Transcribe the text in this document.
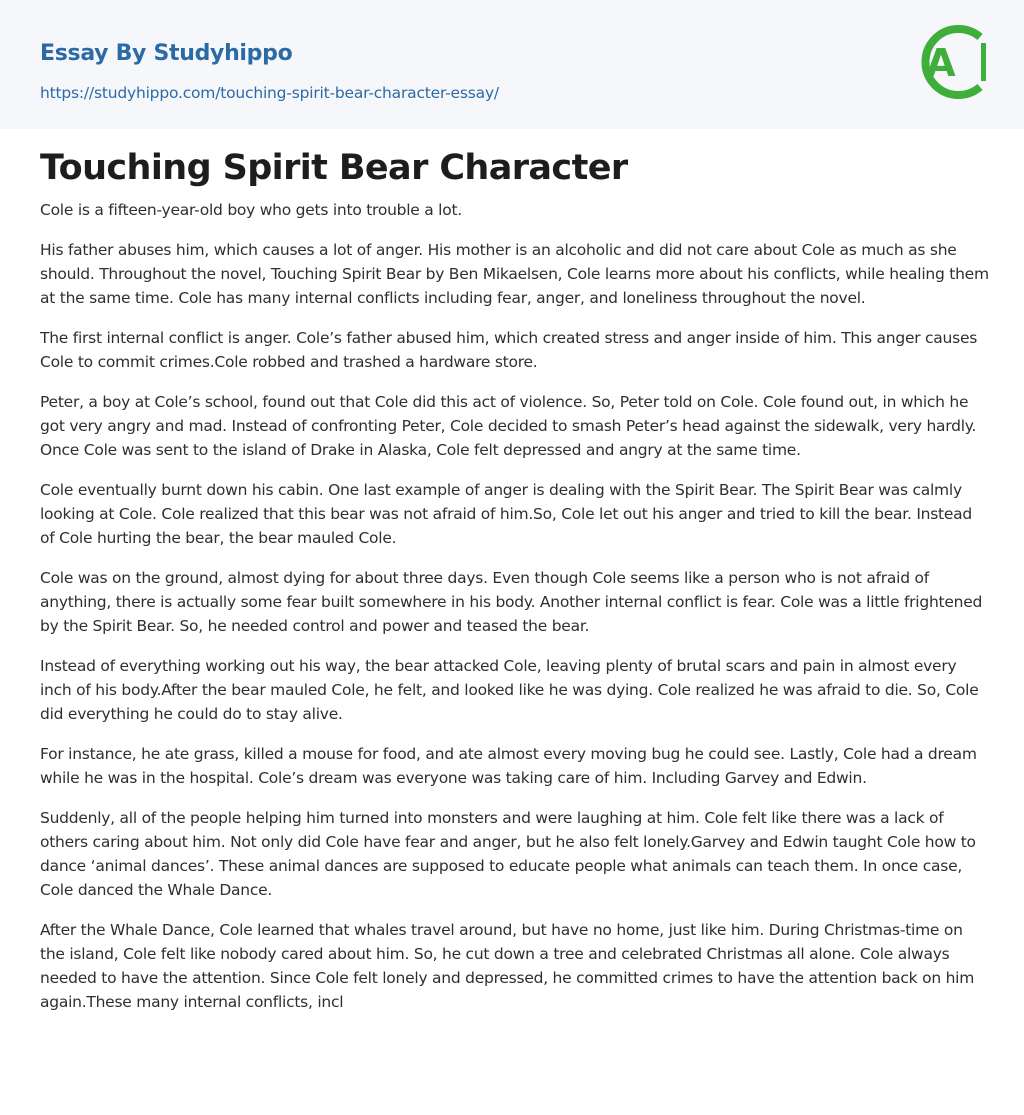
Essay By Studyhippo
https://studyhippo.com/touching-spirit-bear-character-essay/
A
Touching Spirit Bear Character

Cole is a fifteen-year-old boy who gets into trouble a lot.

His father abuses him, which causes a lot of anger. His mother is an alcoholic and did not care about Cole as much as she should. Throughout the novel, Touching Spirit Bear by Ben Mikaelsen, Cole learns more about his conflicts, while healing them at the same time. Cole has many internal conflicts including fear, anger, and loneliness throughout the novel.

The first internal conflict is anger. Cole’s father abused him, which created stress and anger inside of him. This anger causes Cole to commit crimes.Cole robbed and trashed a hardware store.

Peter, a boy at Cole’s school, found out that Cole did this act of violence. So, Peter told on Cole. Cole found out, in which he got very angry and mad. Instead of confronting Peter, Cole decided to smash Peter’s head against the sidewalk, very hardly. Once Cole was sent to the island of Drake in Alaska, Cole felt depressed and angry at the same time.

Cole eventually burnt down his cabin. One last example of anger is dealing with the Spirit Bear. The Spirit Bear was calmly looking at Cole. Cole realized that this bear was not afraid of him.So, Cole let out his anger and tried to kill the bear. Instead of Cole hurting the bear, the bear mauled Cole.

Cole was on the ground, almost dying for about three days. Even though Cole seems like a person who is not afraid of anything, there is actually some fear built somewhere in his body. Another internal conflict is fear. Cole was a little frightened by the Spirit Bear. So, he needed control and power and teased the bear.

Instead of everything working out his way, the bear attacked Cole, leaving plenty of brutal scars and pain in almost every inch of his body.After the bear mauled Cole, he felt, and looked like he was dying. Cole realized he was afraid to die. So, Cole did everything he could do to stay alive.

For instance, he ate grass, killed a mouse for food, and ate almost every moving bug he could see. Lastly, Cole had a dream while he was in the hospital. Cole’s dream was everyone was taking care of him. Including Garvey and Edwin.

Suddenly, all of the people helping him turned into monsters and were laughing at him. Cole felt like there was a lack of others caring about him. Not only did Cole have fear and anger, but he also felt lonely.Garvey and Edwin taught Cole how to dance ‘animal dances’. These animal dances are supposed to educate people what animals can teach them. In once case, Cole danced the Whale Dance.

After the Whale Dance, Cole learned that whales travel around, but have no home, just like him. During Christmas-time on the island, Cole felt like nobody cared about him. So, he cut down a tree and celebrated Christmas all alone. Cole always needed to have the attention. Since Cole felt lonely and depressed, he committed crimes to have the attention back on him again.These many internal conflicts, incl
